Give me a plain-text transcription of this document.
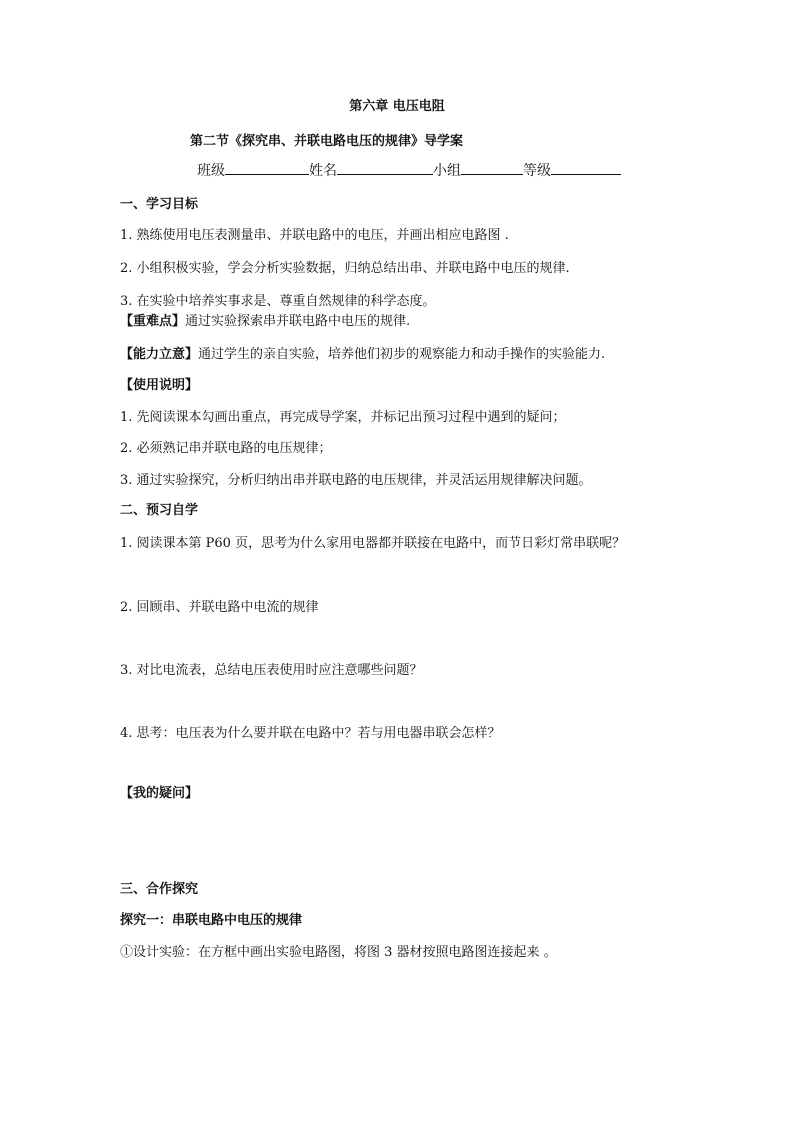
第六章 电压电阻
第二节《探究串、并联电路电压的规律》导学案
班级	姓名	小组	等级
一、学习目标
1. 熟练使用电压表测量串、并联电路中的电压，并画出相应电路图 .
2. 小组积极实验，学会分析实验数据，归纳总结出串、并联电路中电压的规律.
3. 在实验中培养实事求是、尊重自然规律的科学态度。
【重难点】通过实验探索串并联电路中电压的规律.
【能力立意】通过学生的亲自实验，培养他们初步的观察能力和动手操作的实验能力.
【使用说明】
1. 先阅读课本勾画出重点，再完成导学案，并标记出预习过程中遇到的疑问；
2. 必须熟记串并联电路的电压规律；
3. 通过实验探究，分析归纳出串并联电路的电压规律，并灵活运用规律解决问题。
二、预习自学
1. 阅读课本第 P60 页，思考为什么家用电器都并联接在电路中，而节日彩灯常串联呢？
2. 回顾串、并联电路中电流的规律
3. 对比电流表，总结电压表使用时应注意哪些问题？
4. 思考：电压表为什么要并联在电路中？若与用电器串联会怎样？
【我的疑问】
三、合作探究
探究一：串联电路中电压的规律
①设计实验：在方框中画出实验电路图，将图 3 器材按照电路图连接起来 。
